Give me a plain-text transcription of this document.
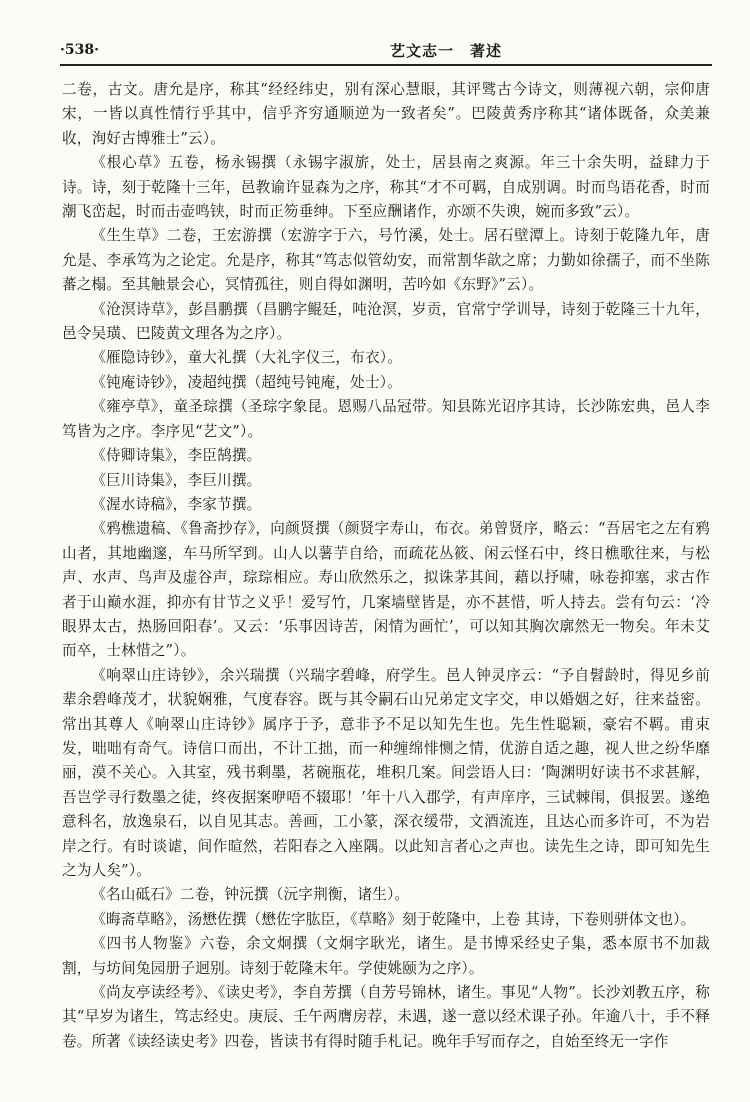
·538·	艺文志一　著述

二卷，古文。唐允是序，称其“经经纬史，别有深心慧眼，其评骘古今诗文，则薄视六朝，宗仰唐宋，一皆以真性情行乎其中，信乎齐穷通顺逆为一致者矣”。巴陵黄秀序称其“诸体既备，众美兼收，洵好古博雅士”云）。

《根心草》五卷，杨永锡撰（永锡字淑旂，处士，居县南之爽源。年三十余失明，益肆力于诗。诗，刻于乾隆十三年，邑教谕许显森为之序，称其“才不可羁，自成别调。时而鸟语花香，时而潮飞峦起，时而击壶鸣铗，时而正笏垂绅。下至应酬诸作，亦颂不失谀，婉而多致”云）。

《生生草》二卷，王宏游撰（宏游字于六，号竹溪，处士。居石壁潭上。诗刻于乾隆九年，唐允是、李承笃为之论定。允是序，称其“笃志似管幼安，而常割华歆之席；力勤如徐孺子，而不坐陈蕃之榻。至其触景会心，冥情孤往，则自得如渊明，苦吟如《东野》”云）。

《沧溟诗草》，彭昌鹏撰（昌鹏字鲲廷，吨沧溟，岁贡，官常宁学训导，诗刻于乾隆三十九年，邑令吴璜、巴陵黄文理各为之序）。

《雁隐诗钞》，童大礼撰（大礼字仪三，布衣）。

《钝庵诗钞》，凌超纯撰（超纯号钝庵，处士）。

《雍亭草》，童圣琮撰（圣琮字象昆。恩赐八品冠带。知县陈光诏序其诗，长沙陈宏典，邑人李笃皆为之序。李序见“艺文”）。

《侍卿诗集》，李臣鹄撰。

《巨川诗集》，李巨川撰。

《渥水诗稿》，李家节撰。

《鸦樵遗稿、《鲁斋抄存》，向颜贤撰（颜贤字寿山，布衣。弟曾贤序，略云：“吾居宅之左有鸦山者，其地幽邃，车马所罕到。山人以薯芋自给，而疏花丛筱、闲云怪石中，终日樵歌往来，与松声、水声、鸟声及虚谷声，琮琮相应。寿山欣然乐之，拟诛茅其间，藉以抒啸，咏卷抑塞，求古作者于山巅水涯，抑亦有甘节之义乎！爱写竹，几案墙壁皆是，亦不甚惜，听人持去。尝有句云：‘冷眼界太古，热肠回阳春’。又云：‘乐事因诗苦，闲情为画忙’，可以知其胸次廓然无一物矣。年未艾而卒，士林惜之”）。

《响翠山庄诗钞》，余兴瑞撰（兴瑞字碧峰，府学生。邑人钟灵序云：“予自髫龄时，得见乡前辈余碧峰茂才，状貌娴雅，气度春容。既与其令嗣石山兄弟定文字交，申以婚姻之好，往来益密。常出其尊人《响翠山庄诗钞》属序于予，意非予不足以知先生也。先生性聪颖，豪宕不羁。甫束发，咄咄有奇气。诗信口而出，不计工拙，而一种缠绵悱恻之情，优游自适之趣，视人世之纷华靡丽，漠不关心。入其室，残书剩墨，茗碗瓶花，堆积几案。间尝语人曰：‘陶渊明好读书不求甚解，吾岂学寻行数墨之徒，终夜据案咿唔不辍耶！’年十八入郡学，有声庠序，三试棘闱，俱报罢。遂绝意科名，放逸泉石，以自见其志。善画，工小篆，深衣缓带，文酒流连，且达心而多许可，不为岩岸之行。有时谈谑，间作暄然，若阳春之入座隅。以此知言者心之声也。读先生之诗，即可知先生之为人矣”）。

《名山砥石》二卷，钟沅撰（沅字荆衡，诸生）。

《晦斋草略》，汤懋佐撰（懋佐字肱臣，《草略》刻于乾隆中，上卷 其诗，下卷则骈体文也）。

《四书人物鉴》六卷，余文炯撰（文炯字耿光，诸生。是书博采经史子集，悉本原书不加裁割，与坊间兔园册子迥别。诗刻于乾隆末年。学使姚颐为之序）。

《尚友亭读经考》、《读史考》，李自芳撰（自芳号锦林，诸生。事见“人物”。长沙刘教五序，称其“早岁为诸生，笃志经史。庚辰、壬午两膺房荐，未遇，遂一意以经术课子孙。年逾八十，手不释卷。所著《读经读史考》四卷，皆读书有得时随手札记。晚年手写而存之，自始至终无一字作
